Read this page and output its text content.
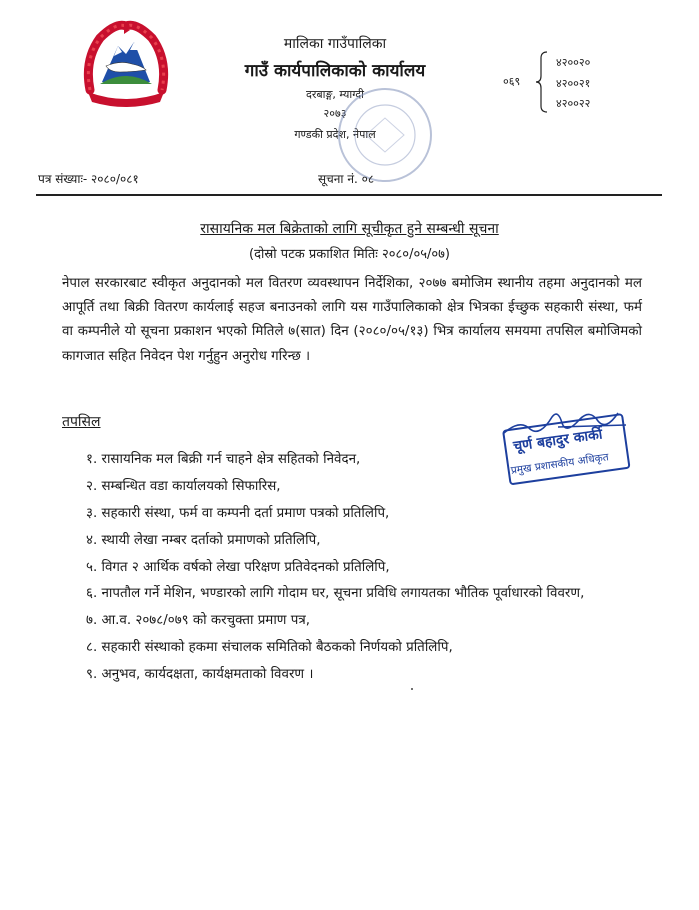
मालिका गाउँपालिका
गाउँ कार्यपालिकाको कार्यालय
दरबाङ्ग, म्याग्दी
२०७३
गण्डकी प्रदेश, नेपाल
०६९
४२००२०
४२००२१
४२००२२
पत्र संख्याः- २०८०/०८१	सूचना नं. ०८
रासायनिक मल बिक्रेताको लागि सूचीकृत हुने सम्बन्धी सूचना
(दोस्रो पटक प्रकाशित मितिः २०८०/०५/०७)
नेपाल सरकारबाट स्वीकृत अनुदानको मल वितरण व्यवस्थापन निर्देशिका, २०७७ बमोजिम स्थानीय तहमा अनुदानको मल आपूर्ति तथा बिक्री वितरण कार्यलाई सहज बनाउनको लागि यस गाउँपालिकाको क्षेत्र भित्रका ईच्छुक सहकारी संस्था, फर्म वा कम्पनीले यो सूचना प्रकाशन भएको मितिले ७(सात) दिन (२०८०/०५/१३) भित्र कार्यालय समयमा तपसिल बमोजिमको कागजात सहित निवेदन पेश गर्नुहुन अनुरोध गरिन्छ ।
तपसिल
चूर्ण बहादुर कार्की
प्रमुख प्रशासकीय अधिकृत
१. रासायनिक मल बिक्री गर्न चाहने क्षेत्र सहितको निवेदन,
२. सम्बन्धित वडा कार्यालयको सिफारिस,
३. सहकारी संस्था, फर्म वा कम्पनी दर्ता प्रमाण पत्रको प्रतिलिपि,
४. स्थायी लेखा नम्बर दर्ताको प्रमाणको प्रतिलिपि,
५. विगत २ आर्थिक वर्षको लेखा परिक्षण प्रतिवेदनको प्रतिलिपि,
६. नापतौल गर्ने मेशिन, भण्डारको लागि गोदाम घर, सूचना प्रविधि लगायतका भौतिक पूर्वाधारको विवरण,
७. आ.व. २०७८/०७९ को करचुक्ता प्रमाण पत्र,
८. सहकारी संस्थाको हकमा संचालक समितिको बैठकको निर्णयको प्रतिलिपि,
९. अनुभव, कार्यदक्षता, कार्यक्षमताको विवरण ।
